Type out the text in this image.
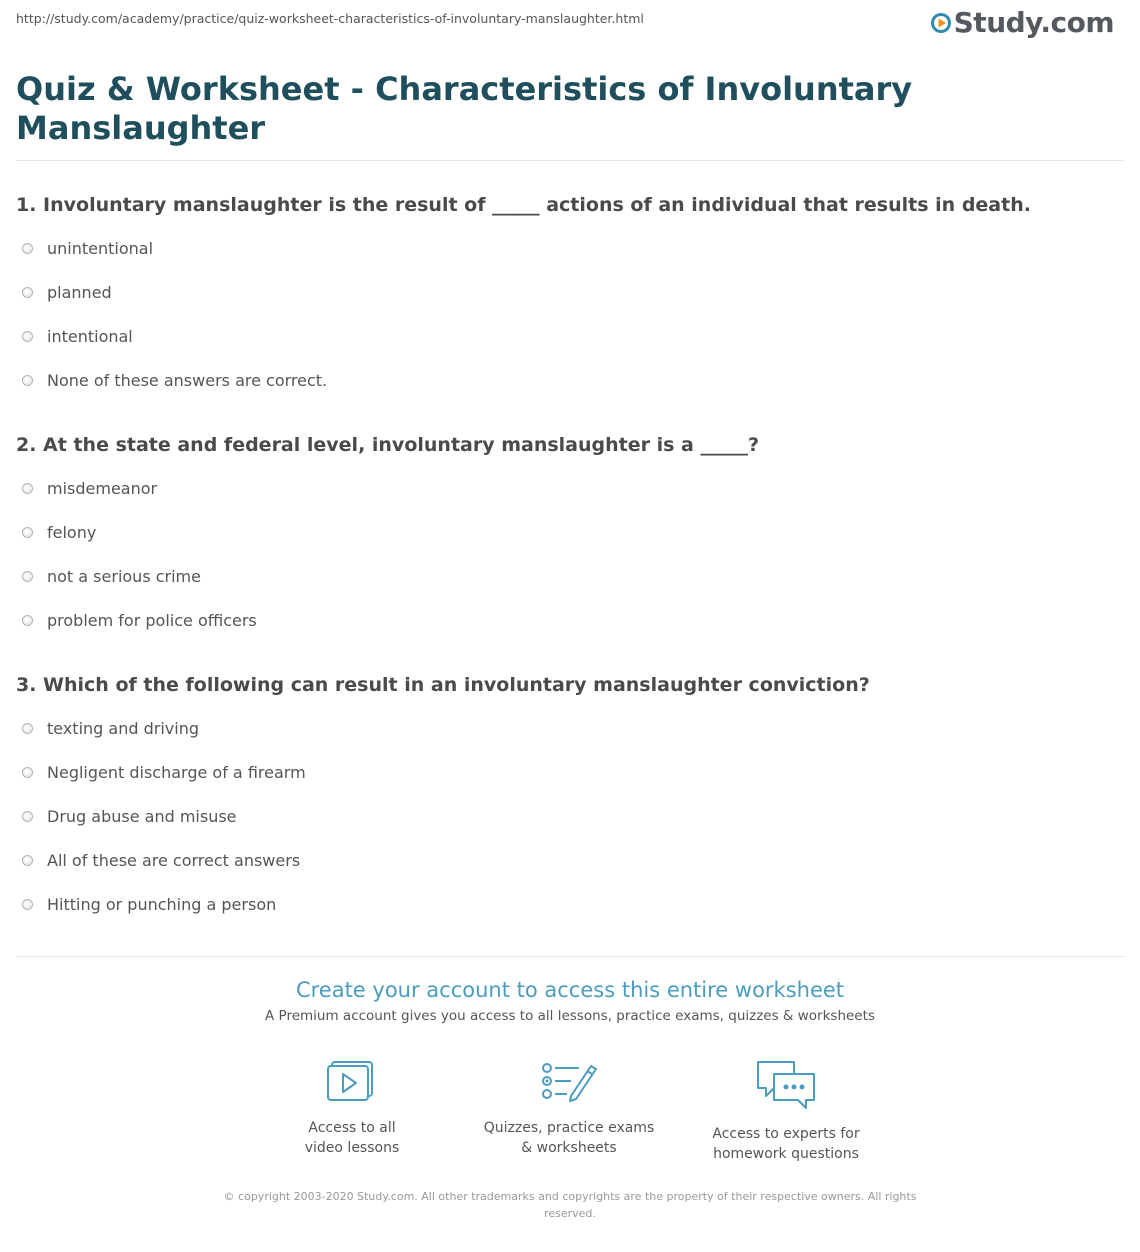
http://study.com/academy/practice/quiz-worksheet-characteristics-of-involuntary-manslaughter.html	Study.com
Quiz & Worksheet - Characteristics of Involuntary Manslaughter
1. Involuntary manslaughter is the result of _____ actions of an individual that results in death.
unintentional
planned
intentional
None of these answers are correct.
2. At the state and federal level, involuntary manslaughter is a _____?
misdemeanor
felony
not a serious crime
problem for police officers
3. Which of the following can result in an involuntary manslaughter conviction?
texting and driving
Negligent discharge of a firearm
Drug abuse and misuse
All of these are correct answers
Hitting or punching a person
Create your account to access this entire worksheet
A Premium account gives you access to all lessons, practice exams, quizzes & worksheets
Access to all
video lessons
Quizzes, practice exams
& worksheets
Access to experts for
homework questions
© copyright 2003-2020 Study.com. All other trademarks and copyrights are the property of their respective owners. All rights
reserved.
